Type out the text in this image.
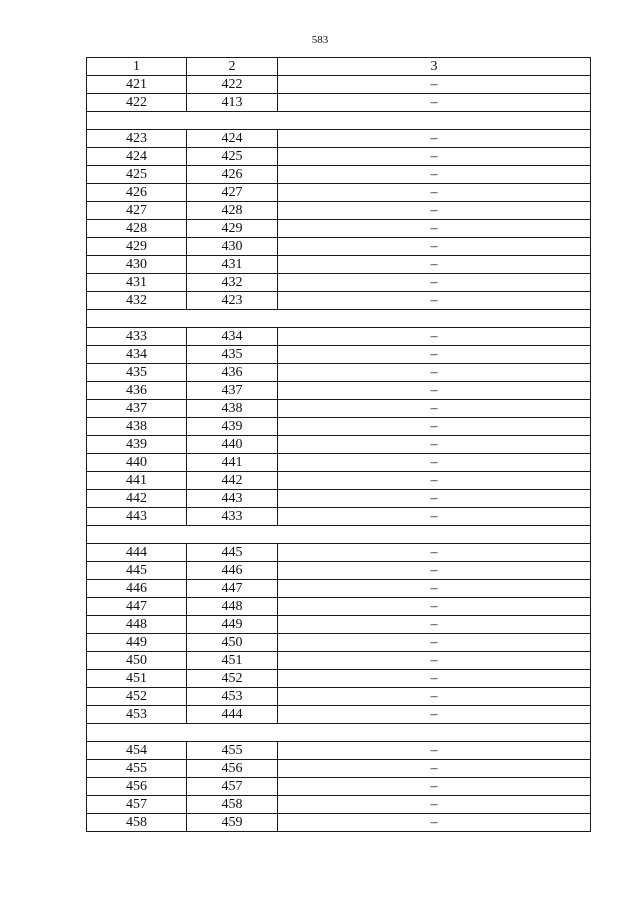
583
1	2	3
421	422	–
422	413	–

423	424	–
424	425	–
425	426	–
426	427	–
427	428	–
428	429	–
429	430	–
430	431	–
431	432	–
432	423	–

433	434	–
434	435	–
435	436	–
436	437	–
437	438	–
438	439	–
439	440	–
440	441	–
441	442	–
442	443	–
443	433	–

444	445	–
445	446	–
446	447	–
447	448	–
448	449	–
449	450	–
450	451	–
451	452	–
452	453	–
453	444	–

454	455	–
455	456	–
456	457	–
457	458	–
458	459	–
